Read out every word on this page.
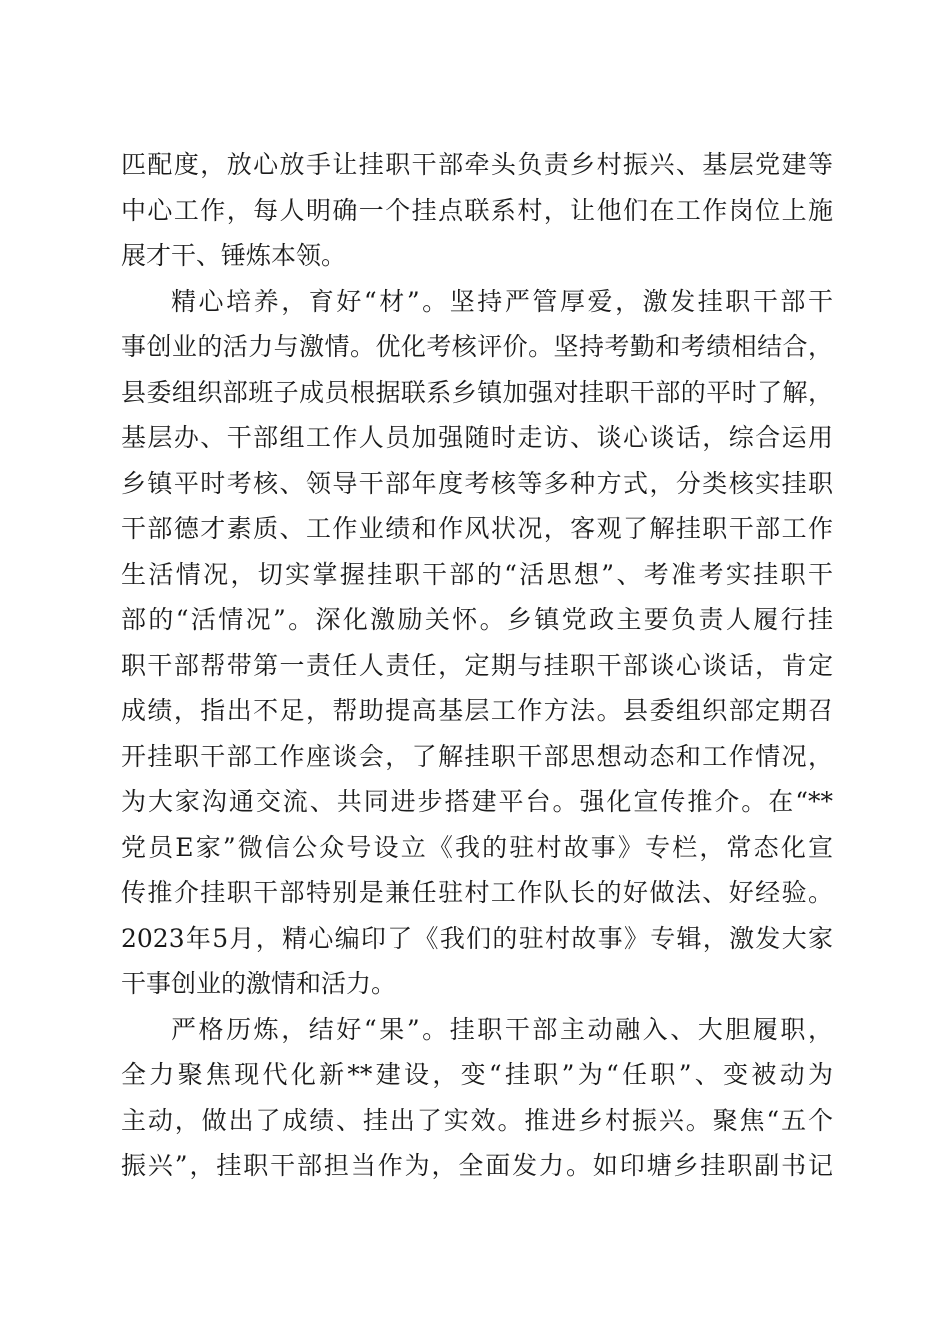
匹配度，放心放手让挂职干部牵头负责乡村振兴、基层党建等
中心工作，每人明确一个挂点联系村，让他们在工作岗位上施
展才干、锤炼本领。
精心培养，育好“材”。坚持严管厚爱，激发挂职干部干
事创业的活力与激情。优化考核评价。坚持考勤和考绩相结合，
县委组织部班子成员根据联系乡镇加强对挂职干部的平时了解，
基层办、干部组工作人员加强随时走访、谈心谈话，综合运用
乡镇平时考核、领导干部年度考核等多种方式，分类核实挂职
干部德才素质、工作业绩和作风状况，客观了解挂职干部工作
生活情况，切实掌握挂职干部的“活思想”、考准考实挂职干
部的“活情况”。深化激励关怀。乡镇党政主要负责人履行挂
职干部帮带第一责任人责任，定期与挂职干部谈心谈话，肯定
成绩，指出不足，帮助提高基层工作方法。县委组织部定期召
开挂职干部工作座谈会，了解挂职干部思想动态和工作情况，
为大家沟通交流、共同进步搭建平台。强化宣传推介。在“**
党员E家”微信公众号设立《我的驻村故事》专栏，常态化宣
传推介挂职干部特别是兼任驻村工作队长的好做法、好经验。
2023年5月，精心编印了《我们的驻村故事》专辑，激发大家
干事创业的激情和活力。
严格历炼，结好“果”。挂职干部主动融入、大胆履职，
全力聚焦现代化新**建设，变“挂职”为“任职”、变被动为
主动，做出了成绩、挂出了实效。推进乡村振兴。聚焦“五个
振兴”，挂职干部担当作为，全面发力。如印塘乡挂职副书记
